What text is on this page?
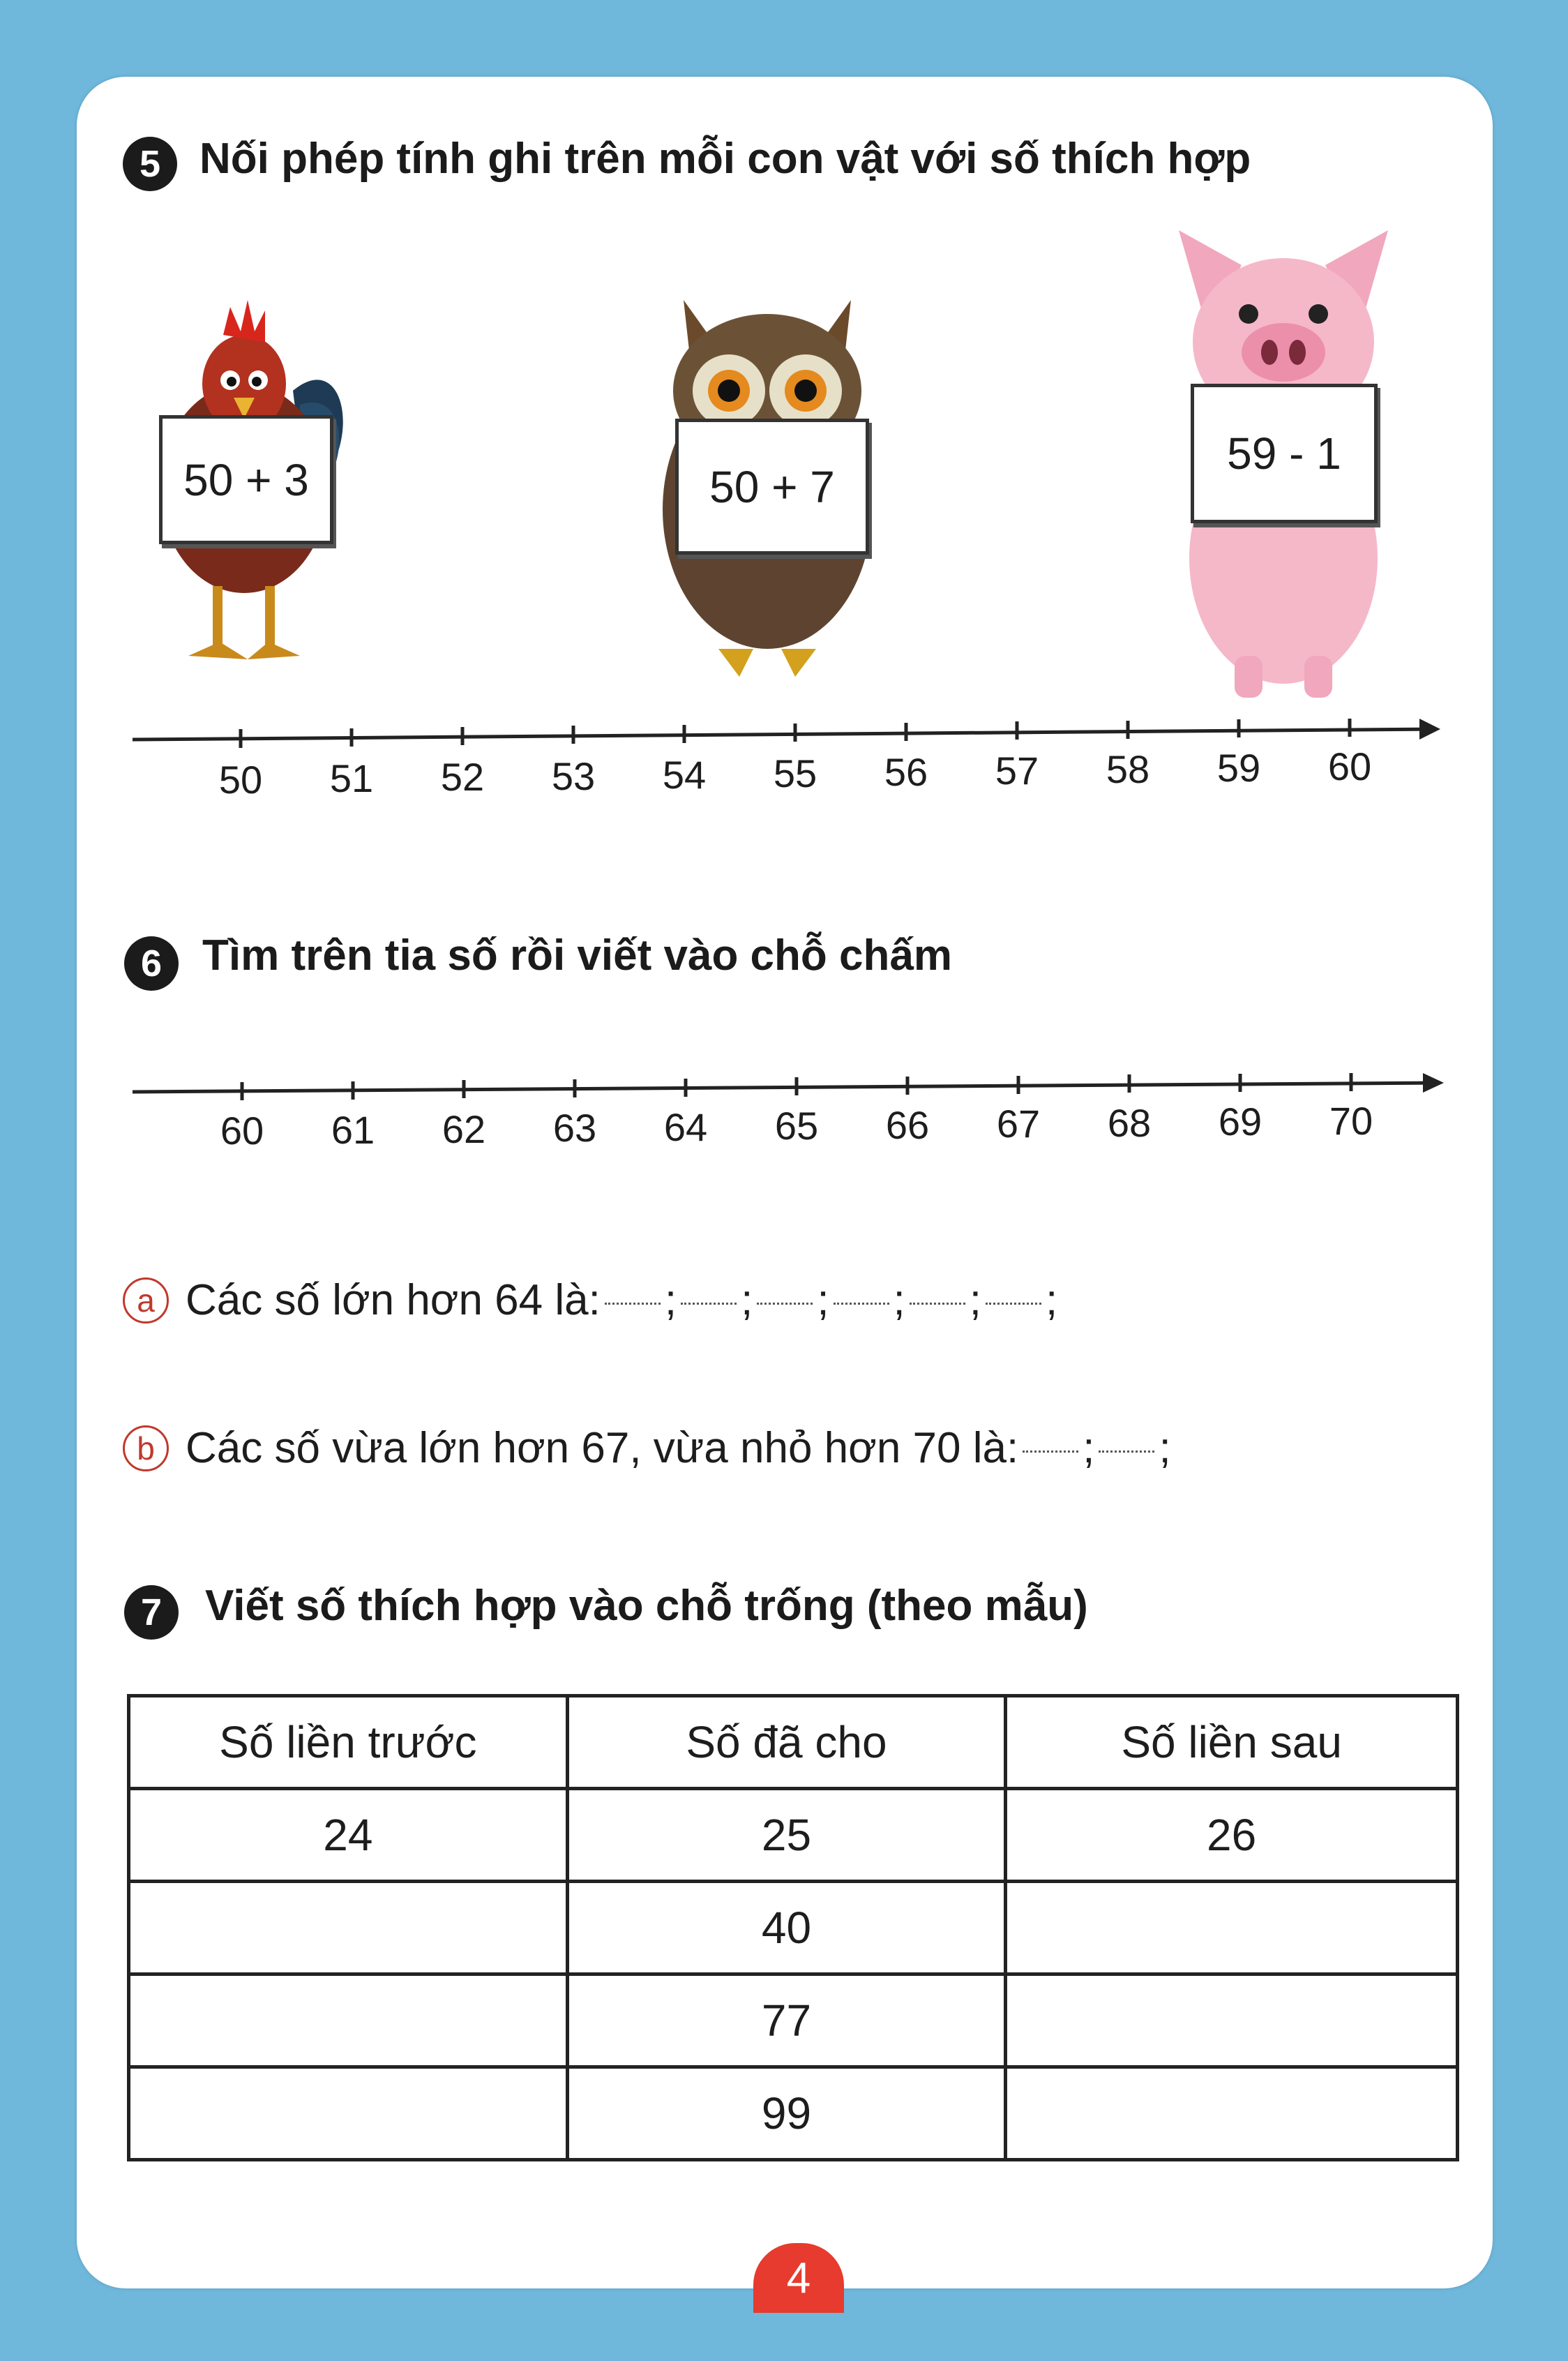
5 Nối phép tính ghi trên mỗi con vật với số thích hợp
50 + 3	50 + 7
59 - 1
50	51	52	53	54	55	56	57	58	59	60
6 Tìm trên tia số rồi viết vào chỗ chấm
60	61	62	63	64	65	66	67	68	69	70
a Các số lớn hơn 64 là: ; ; ; ; ; ;
b Các số vừa lớn hơn 67, vừa nhỏ hơn 70 là: ; ;
7 Viết số thích hợp vào chỗ trống (theo mẫu)
Số liền trước	Số đã cho	Số liền sau
24	25	26
	40	
	77	
	99	
4
